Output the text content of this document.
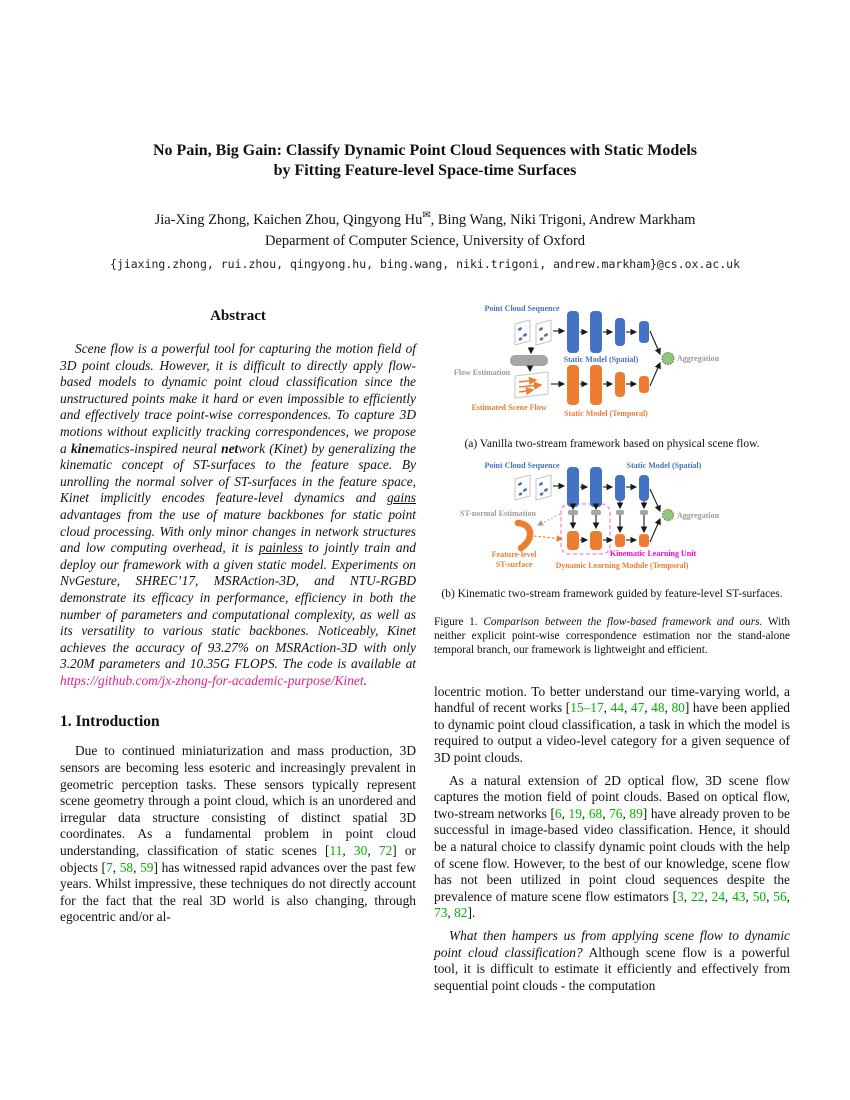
No Pain, Big Gain: Classify Dynamic Point Cloud Sequences with Static Models
by Fitting Feature-level Space-time Surfaces
Jia-Xing Zhong, Kaichen Zhou, Qingyong Hu✉, Bing Wang, Niki Trigoni, Andrew Markham
Deparment of Computer Science, University of Oxford
{jiaxing.zhong, rui.zhou, qingyong.hu, bing.wang, niki.trigoni, andrew.markham}@cs.ox.ac.uk
Abstract

Scene flow is a powerful tool for capturing the motion field of 3D point clouds. However, it is difficult to directly apply flow-based models to dynamic point cloud classification since the unstructured points make it hard or even impossible to efficiently and effectively trace point-wise correspondences. To capture 3D motions without explicitly tracking correspondences, we propose a kinematics-inspired neural network (Kinet) by generalizing the kinematic concept of ST-surfaces to the feature space. By unrolling the normal solver of ST-surfaces in the feature space, Kinet implicitly encodes feature-level dynamics and gains advantages from the use of mature backbones for static point cloud processing. With only minor changes in network structures and low computing overhead, it is painless to jointly train and deploy our framework with a given static model. Experiments on NvGesture, SHREC’17, MSRAction-3D, and NTU-RGBD demonstrate its efficacy in performance, efficiency in both the number of parameters and computational complexity, as well as its versatility to various static backbones. Noticeably, Kinet achieves the accuracy of 93.27% on MSRAction-3D with only 3.20M parameters and 10.35G FLOPS. The code is available at https://github.com/jx-zhong-for-academic-purpose/Kinet.

1. Introduction

Due to continued miniaturization and mass production, 3D sensors are becoming less esoteric and increasingly prevalent in geometric perception tasks. These sensors typically represent scene geometry through a point cloud, which is an unordered and irregular data structure consisting of distinct spatial 3D coordinates. As a fundamental problem in point cloud understanding, classification of static scenes [11, 30, 72] or objects [7, 58, 59] has witnessed rapid advances over the past few years. Whilst impressive, these techniques do not directly account for the fact that the real 3D world is also changing, through egocentric and/or al-

Point Cloud Sequence
Static Model (Spatial)
Flow Estimation
Estimated Scene Flow
Static Model (Temporal)
Aggregation
(a) Vanilla two-stream framework based on physical scene flow.
Point Cloud Sequence	Static Model (Spatial)
ST-normal Estimation
Feature-level
ST-surface
Kinematic Learning Unit
Dynamic Learning Module (Temporal)
Aggregation
(b) Kinematic two-stream framework guided by feature-level ST-surfaces.
Figure 1. Comparison between the flow-based framework and ours. With neither explicit point-wise correspondence estimation nor the stand-alone temporal branch, our framework is lightweight and efficient.

locentric motion. To better understand our time-varying world, a handful of recent works [15–17, 44, 47, 48, 80] have been applied to dynamic point cloud classification, a task in which the model is required to output a video-level category for a given sequence of 3D point clouds.

As a natural extension of 2D optical flow, 3D scene flow captures the motion field of point clouds. Based on optical flow, two-stream networks [6, 19, 68, 76, 89] have already proven to be successful in image-based video classification. Hence, it should be a natural choice to classify dynamic point clouds with the help of scene flow. However, to the best of our knowledge, scene flow has not been utilized in point cloud sequences despite the prevalence of mature scene flow estimators [3, 22, 24, 43, 50, 56, 73, 82].

What then hampers us from applying scene flow to dynamic point cloud classification? Although scene flow is a powerful tool, it is difficult to estimate it efficiently and effectively from sequential point clouds - the computation
